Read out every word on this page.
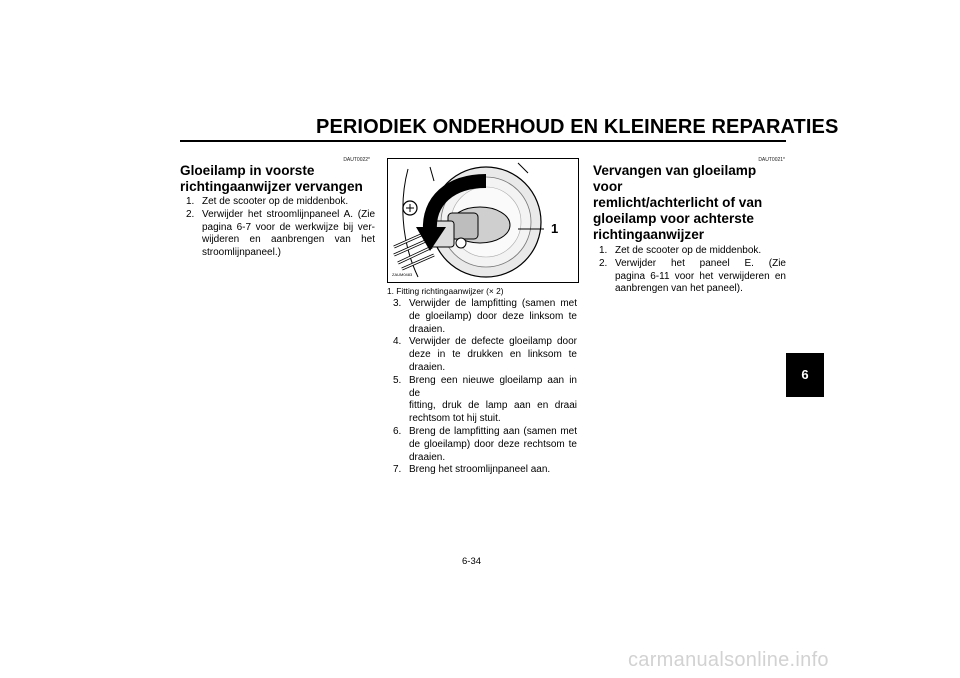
PERIODIEK ONDERHOUD EN KLEINERE REPARATIES
DAUT0022*
Gloeilamp in voorste
richtingaanwijzer vervangen
1. Zet de scooter op de middenbok.
2. Verwijder het stroomlijnpaneel A. (Zie
pagina 6-7 voor de werkwijze bij ver-
wijderen en aanbrengen van het
stroomlijnpaneel.)
1
ZAUM0483
1. Fitting richtingaanwijzer (× 2)
3. Verwijder de lampfitting (samen met
de gloeilamp) door deze linksom te
draaien.
4. Verwijder de defecte gloeilamp door
deze in te drukken en linksom te
draaien.
5. Breng een nieuwe gloeilamp aan in de
fitting, druk de lamp aan en draai
rechtsom tot hij stuit.
6. Breng de lampfitting aan (samen met
de gloeilamp) door deze rechtsom te
draaien.
7. Breng het stroomlijnpaneel aan.
DAUT0021*
Vervangen van gloeilamp voor
remlicht/achterlicht of van
gloeilamp voor achterste
richtingaanwijzer
1. Zet de scooter op de middenbok.
2. Verwijder het paneel E. (Zie
pagina 6-11 voor het verwijderen en
aanbrengen van het paneel).
6
6-34
carmanualsonline.info
